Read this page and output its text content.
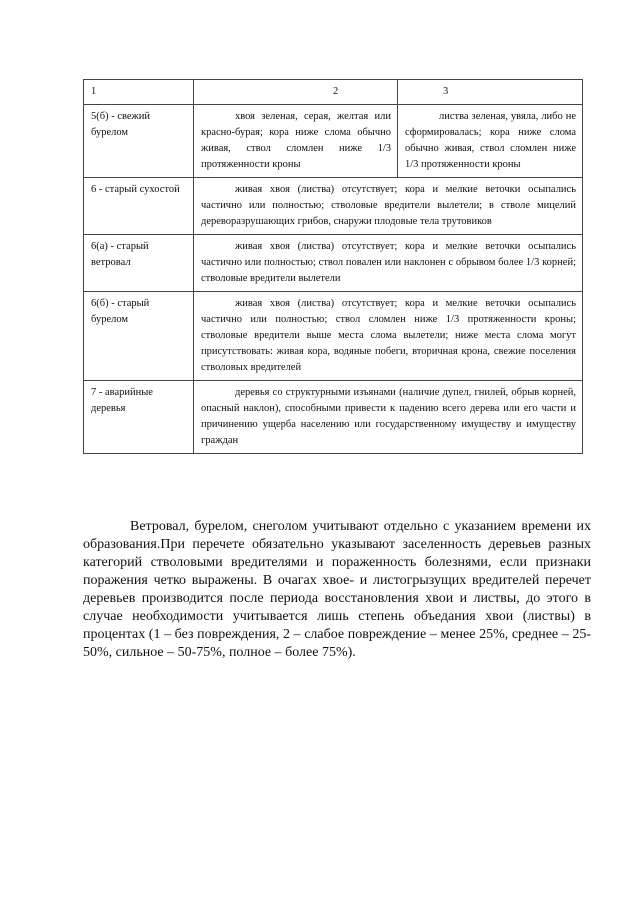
1	2	3
5(б) - свежий бурелом	хвоя зеленая, серая, желтая или красно-бурая; кора ниже слома обычно живая, ствол сломлен ниже 1/3 протяженности кроны	листва зеленая, увяла, либо не сформировалась; кора ниже слома обычно живая, ствол сломлен ниже 1/3 протяженности кроны
6 - старый сухостой	живая хвоя (листва) отсутствует; кора и мелкие веточки осыпались частично или полностью; стволовые вредители вылетели; в стволе мицелий дереворазрушающих грибов, снаружи плодовые тела трутовиков	
6(а) - старый ветровал	живая хвоя (листва) отсутствует; кора и мелкие веточки осыпались частично или полностью; ствол повален или наклонен с обрывом более 1/3 корней; стволовые вредители вылетели	
6(б) - старый бурелом	живая хвоя (листва) отсутствует; кора и мелкие веточки осыпались частично или полностью; ствол сломлен ниже 1/3 протяженности кроны; стволовые вредители выше места слома вылетели; ниже места слома могут присутствовать: живая кора, водяные побеги, вторичная крона, свежие поселения стволовых вредителей	
7 - аварийные деревья	деревья со структурными изъянами (наличие дупел, гнилей, обрыв корней, опасный наклон), способными привести к падению всего дерева или его части и причинению ущерба населению или государственному имуществу и имуществу граждан	

Ветровал, бурелом, снеголом учитывают отдельно с указанием времени их образования.При перечете обязательно указывают заселенность деревьев разных категорий стволовыми вредителями и пораженность болезнями, если признаки поражения четко выражены. В очагах хвое- и листогрызущих вредителей перечет деревьев производится после периода восстановления хвои и листвы, до этого в случае необходимости учитывается лишь степень объедания хвои (листвы) в процентах (1 – без повреждения, 2 – слабое повреждение – менее 25%, среднее – 25-50%, сильное – 50-75%, полное – более 75%).
